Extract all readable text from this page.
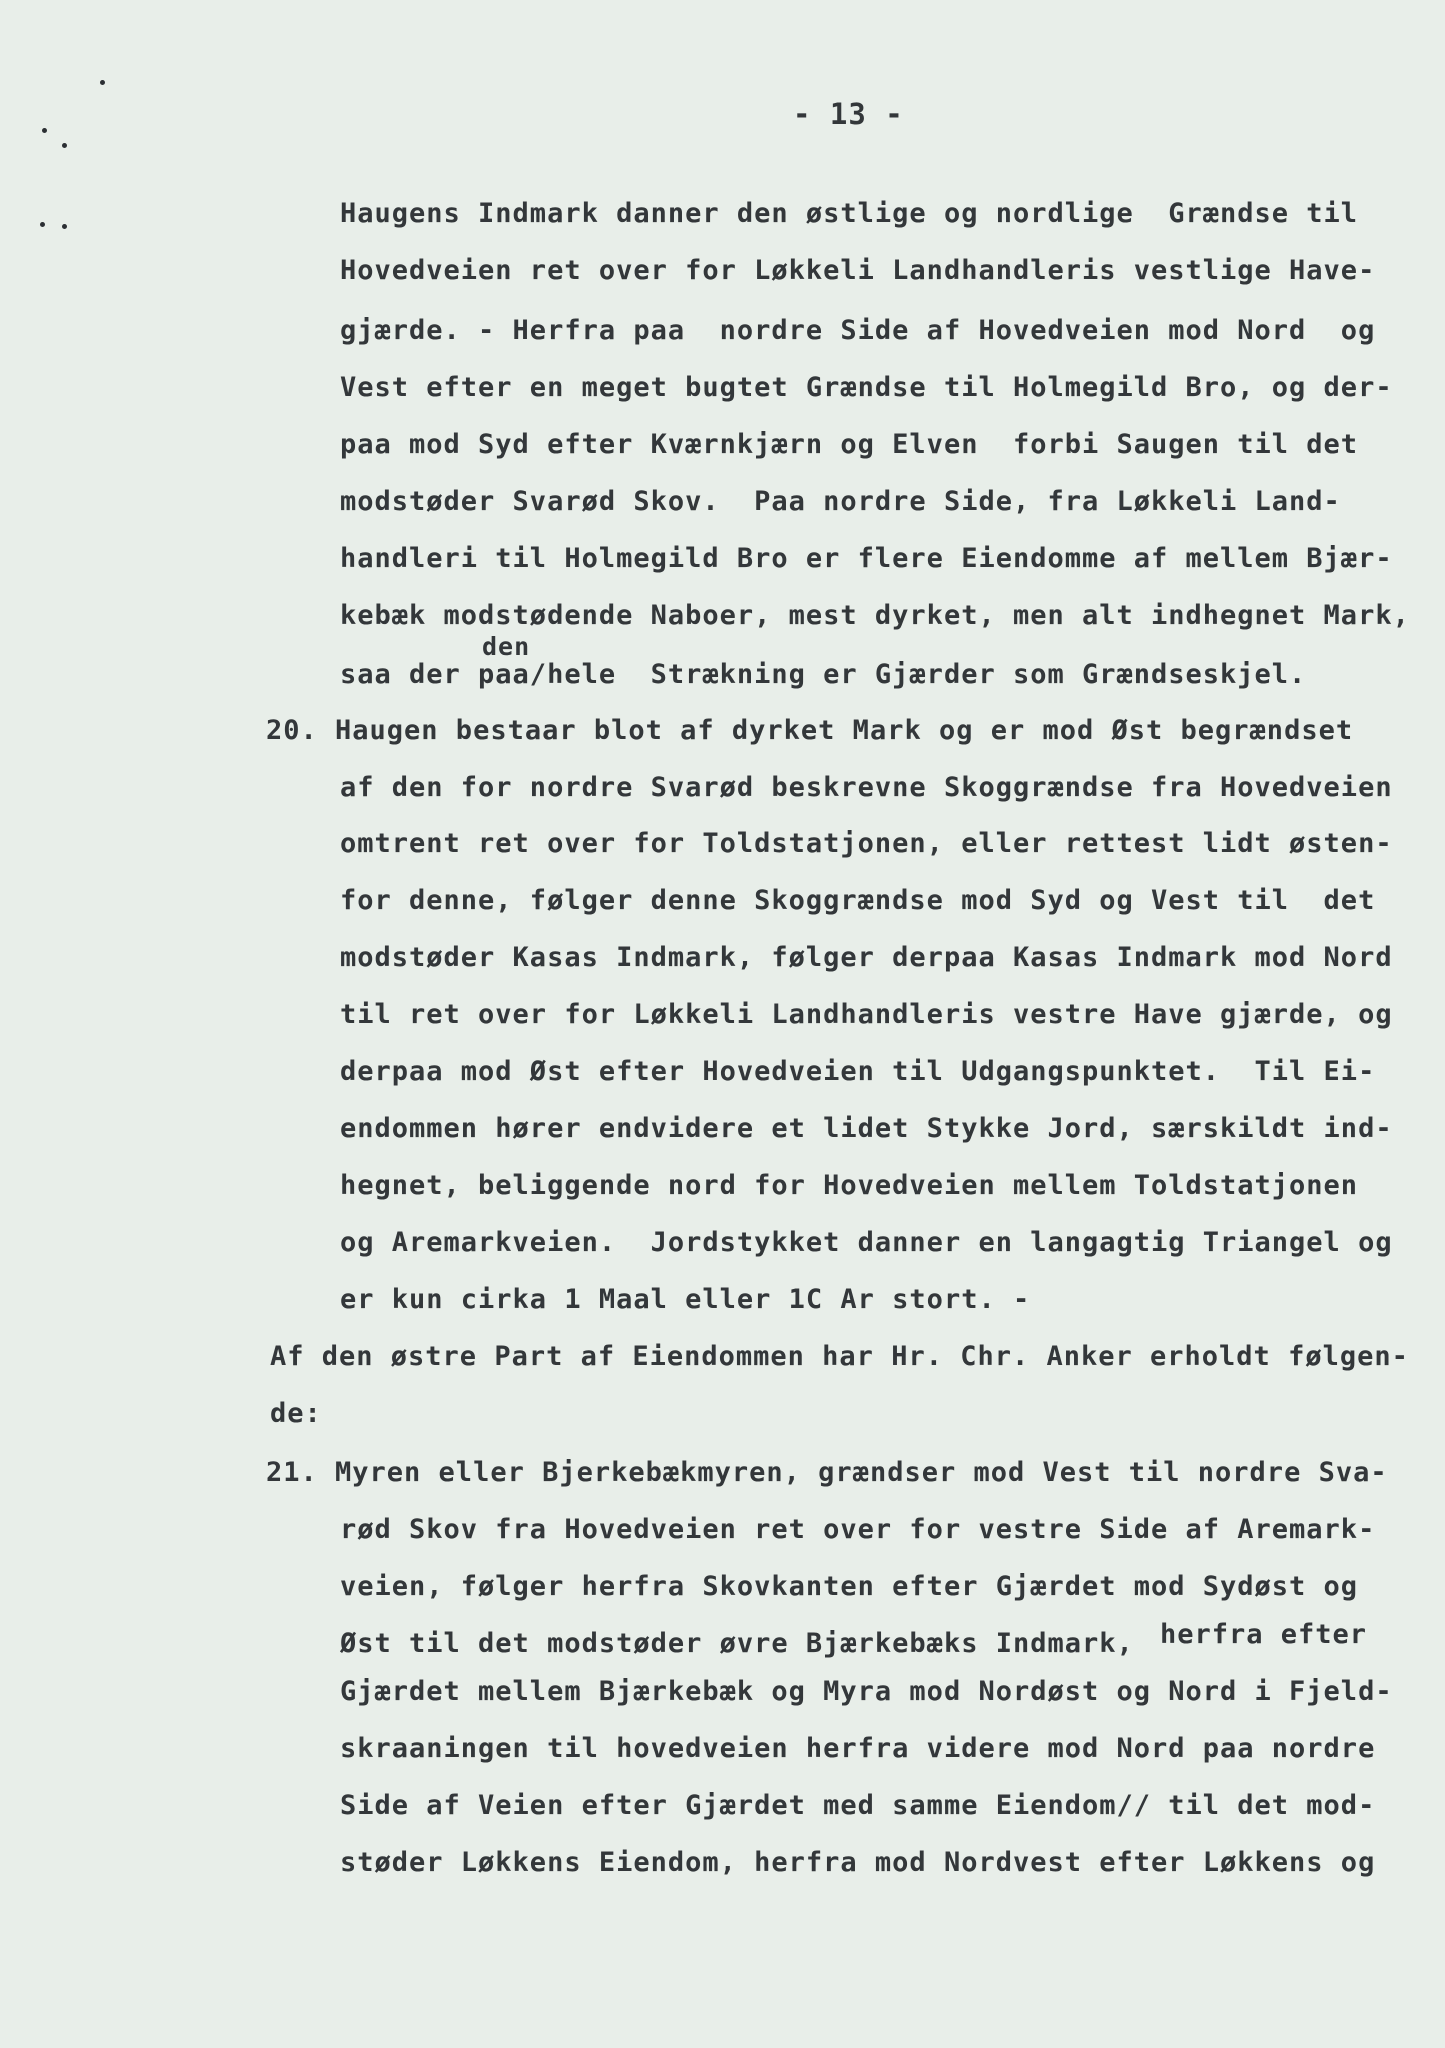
- 13 -
Haugens Indmark danner den østlige og nordlige  Grændse til
Hovedveien ret over for Løkkeli Landhandleris vestlige Have-
gjærde. - Herfra paa  nordre Side af Hovedveien mod Nord  og
Vest efter en meget bugtet Grændse til Holmegild Bro, og der-
paa mod Syd efter Kværnkjærn og Elven  forbi Saugen til det
modstøder Svarød Skov.  Paa nordre Side, fra Løkkeli Land-
handleri til Holmegild Bro er flere Eiendomme af mellem Bjær-
kebæk modstødende Naboer, mest dyrket, men alt indhegnet Mark,
den
saa der paa/hele  Strækning er Gjærder som Grændseskjel.
20. Haugen bestaar blot af dyrket Mark og er mod Øst begrændset
af den for nordre Svarød beskrevne Skoggrændse fra Hovedveien
omtrent ret over for Toldstatjonen, eller rettest lidt østen-
for denne, følger denne Skoggrændse mod Syd og Vest til  det
modstøder Kasas Indmark, følger derpaa Kasas Indmark mod Nord
til ret over for Løkkeli Landhandleris vestre Have gjærde, og
derpaa mod Øst efter Hovedveien til Udgangspunktet.  Til Ei-
endommen hører endvidere et lidet Stykke Jord, særskildt ind-
hegnet, beliggende nord for Hovedveien mellem Toldstatjonen
og Aremarkveien.  Jordstykket danner en langagtig Triangel og
er kun cirka 1 Maal eller 1C Ar stort. -
Af den østre Part af Eiendommen har Hr. Chr. Anker erholdt følgen-
de:
21. Myren eller Bjerkebækmyren, grændser mod Vest til nordre Sva-
rød Skov fra Hovedveien ret over for vestre Side af Aremark-
veien, følger herfra Skovkanten efter Gjærdet mod Sydøst og
Øst til det modstøder øvre Bjærkebæks Indmark, herfra efter
Gjærdet mellem Bjærkebæk og Myra mod Nordøst og Nord i Fjeld-
skraaningen til hovedveien herfra videre mod Nord paa nordre
Side af Veien efter Gjærdet med samme Eiendom// til det mod-
støder Løkkens Eiendom, herfra mod Nordvest efter Løkkens og
